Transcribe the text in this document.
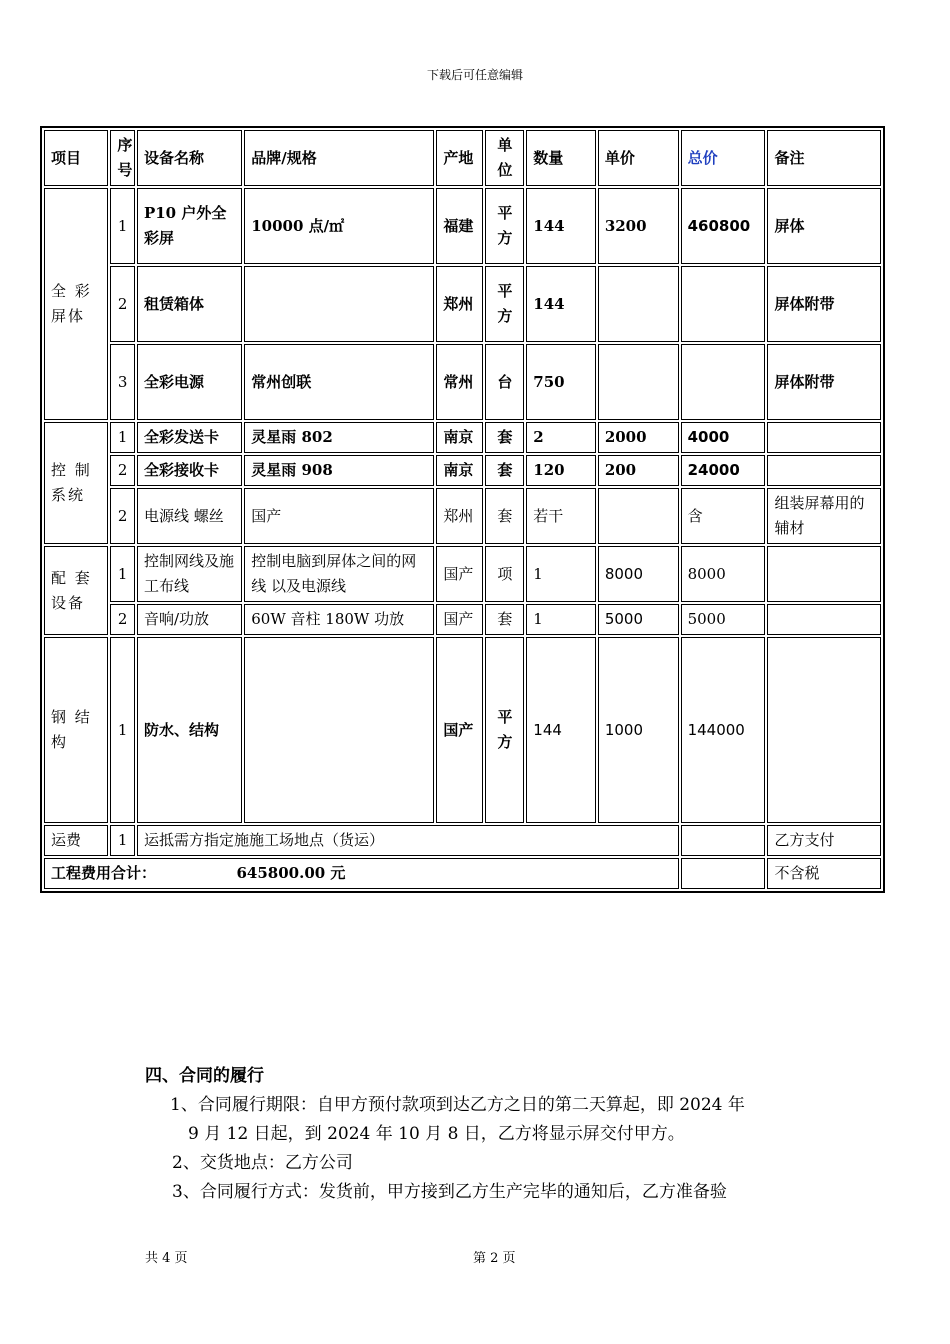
下载后可任意编辑
项目	序号	设备名称	品牌/规格	产地	单位	数量	单价	总价	备注
全 彩 屏体	1	P10 户外全彩屏	10000 点/㎡	福建	平方	144	3200	460800	屏体
	2	租赁箱体		郑州	平方	144			屏体附带
	3	全彩电源	常州创联	常州	台	750			屏体附带
控 制 系统	1	全彩发送卡	灵星雨 802	南京	套	2	2000	4000	
	2	全彩接收卡	灵星雨 908	南京	套	120	200	24000	
	2	电源线 螺丝	国产	郑州	套	若干		含	组装屏幕用的辅材
配 套 设备	1	控制网线及施工布线	控制电脑到屏体之间的网线 以及电源线	国产	项	1	8000	8000	
	2	音响/功放	60W 音柱 180W 功放	国产	套	1	5000	5000	
钢 结 构	1	防水、结构		国产	平方	144	1000	144000	
运费	1	运抵需方指定施施工场地点（货运）							乙方支付
工程费用合计： 645800.00 元									不含税

四、合同的履行

1、合同履行期限：自甲方预付款项到达乙方之日的第二天算起，即 2024 年

9 月 12 日起，到 2024 年 10 月 8 日，乙方将显示屏交付甲方。

2、交货地点：乙方公司

3、合同履行方式：发货前，甲方接到乙方生产完毕的通知后，乙方准备验

共 4 页	第 2 页
